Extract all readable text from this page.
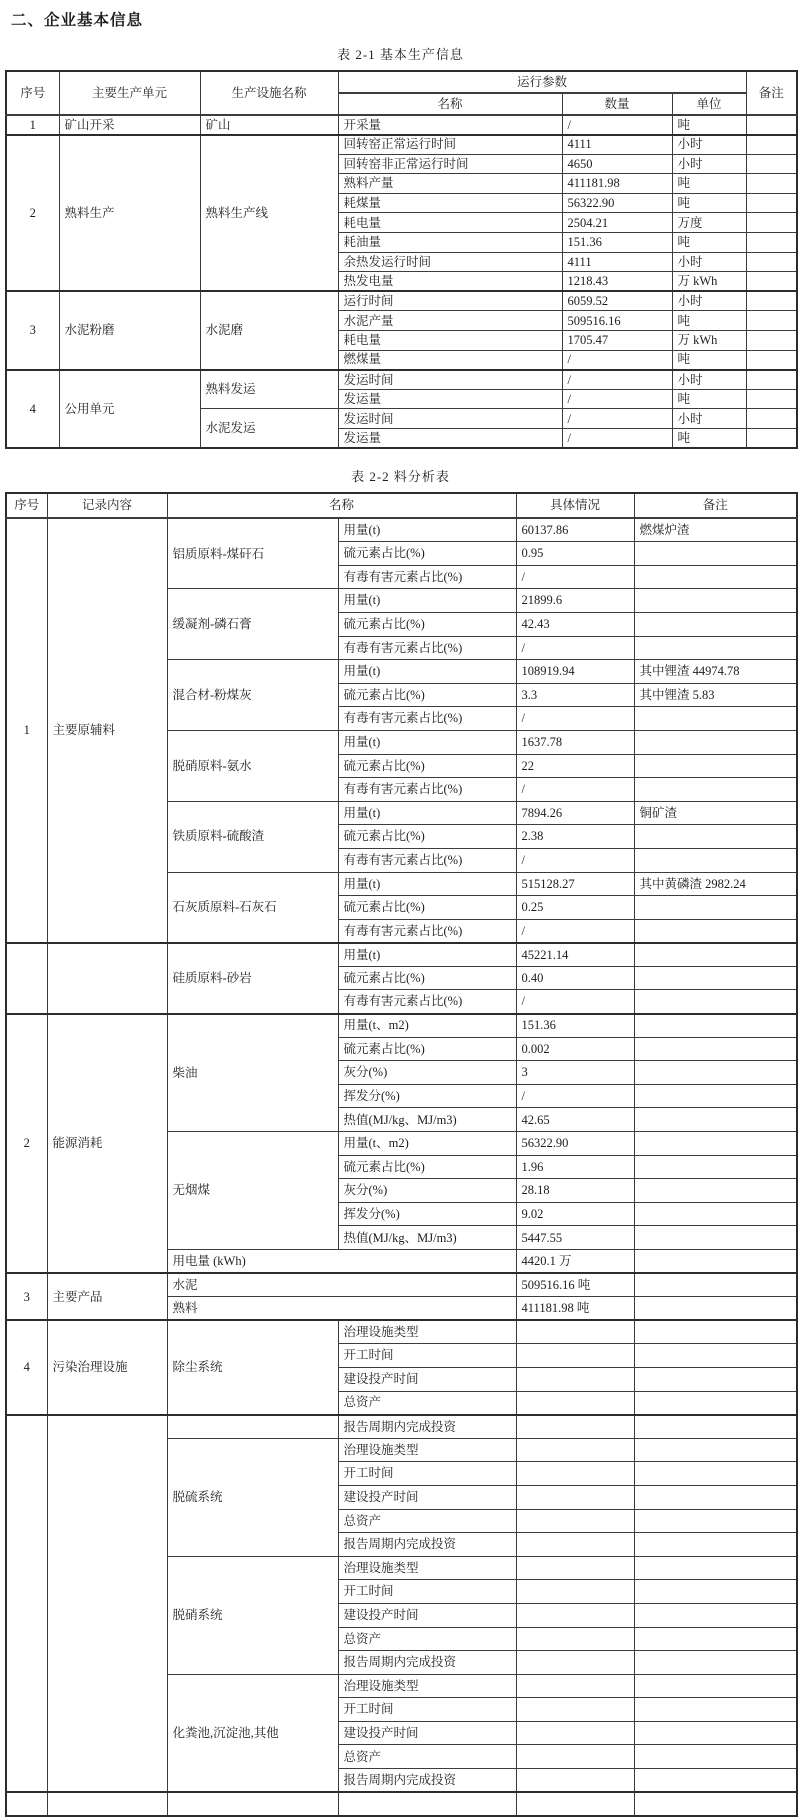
二、企业基本信息
表 2-1 基本生产信息
序号	主要生产单元	生产设施名称	运行参数			备注
			名称	数量	单位	
1	矿山开采	矿山	开采量	/	吨	
2	熟料生产	熟料生产线	回转窑正常运行时间	4111	小时	
			回转窑非正常运行时间	4650	小时	
			熟料产量	411181.98	吨	
			耗煤量	56322.90	吨	
			耗电量	2504.21	万度	
			耗油量	151.36	吨	
			余热发运行时间	4111	小时	
			热发电量	1218.43	万 kWh	
3	水泥粉磨	水泥磨	运行时间	6059.52	小时	
			水泥产量	509516.16	吨	
			耗电量	1705.47	万 kWh	
			燃煤量	/	吨	
4	公用单元	熟料发运	发运时间	/	小时	
			发运量	/	吨	
		水泥发运	发运时间	/	小时	
			发运量	/	吨	
表 2-2 料分析表
序号	记录内容	名称		具体情况	备注
1	主要原辅料	铝质原料-煤矸石	用量(t)	60137.86	燃煤炉渣
			硫元素占比(%)	0.95	
			有毒有害元素占比(%)	/	
		缓凝剂-磷石膏	用量(t)	21899.6	
			硫元素占比(%)	42.43	
			有毒有害元素占比(%)	/	
		混合材-粉煤灰	用量(t)	108919.94	其中锂渣 44974.78
			硫元素占比(%)	3.3	其中锂渣 5.83
			有毒有害元素占比(%)	/	
		脱硝原料-氨水	用量(t)	1637.78	
			硫元素占比(%)	22	
			有毒有害元素占比(%)	/	
		铁质原料-硫酸渣	用量(t)	7894.26	铜矿渣
			硫元素占比(%)	2.38	
			有毒有害元素占比(%)	/	
		石灰质原料-石灰石	用量(t)	515128.27	其中黄磷渣 2982.24
			硫元素占比(%)	0.25	
			有毒有害元素占比(%)	/	
		硅质原料-砂岩	用量(t)	45221.14	
			硫元素占比(%)	0.40	
			有毒有害元素占比(%)	/	
2	能源消耗	柴油	用量(t、m2)	151.36	
			硫元素占比(%)	0.002	
			灰分(%)	3	
			挥发分(%)	/	
			热值(MJ/kg、MJ/m3)	42.65	
		无烟煤	用量(t、m2)	56322.90	
			硫元素占比(%)	1.96	
			灰分(%)	28.18	
			挥发分(%)	9.02	
			热值(MJ/kg、MJ/m3)	5447.55	
		用电量 (kWh)		4420.1 万	
3	主要产品	水泥		509516.16 吨	
		熟料		411181.98 吨	
4	污染治理设施	除尘系统	治理设施类型		
			开工时间		
			建设投产时间		
			总资产		
			报告周期内完成投资		
		脱硫系统	治理设施类型		
			开工时间		
			建设投产时间		
			总资产		
			报告周期内完成投资		
		脱硝系统	治理设施类型		
			开工时间		
			建设投产时间		
			总资产		
			报告周期内完成投资		
		化粪池,沉淀池,其他	治理设施类型		
			开工时间		
			建设投产时间		
			总资产		
			报告周期内完成投资		
